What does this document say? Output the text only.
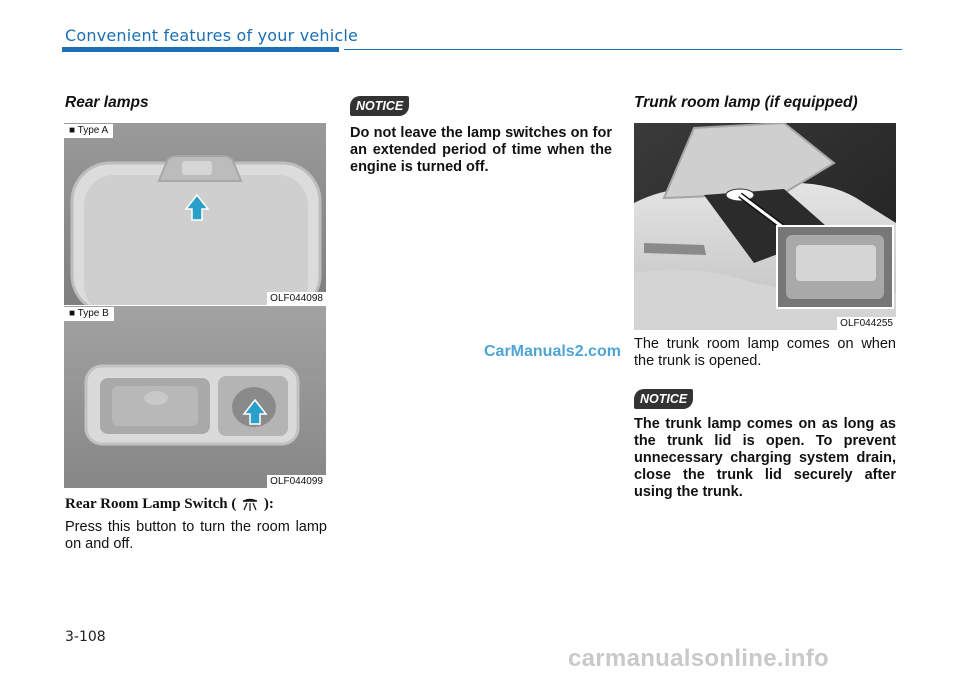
Convenient features of your vehicle
Rear lamps
■ Type A
OLF044098
■ Type B
OLF044099
Rear Room Lamp Switch ( ):
Press this button to turn the room lamp on and off.
NOTICE
Do not leave the lamp switches on for an extended period of time when the engine is turned off.
CarManuals2.com
Trunk room lamp (if equipped)
OLF044255
The trunk room lamp comes on when the trunk is opened.
NOTICE
The trunk lamp comes on as long as the trunk lid is open. To prevent unnecessary charging system drain, close the trunk lid securely after using the trunk.
3-108
carmanualsonline.info
